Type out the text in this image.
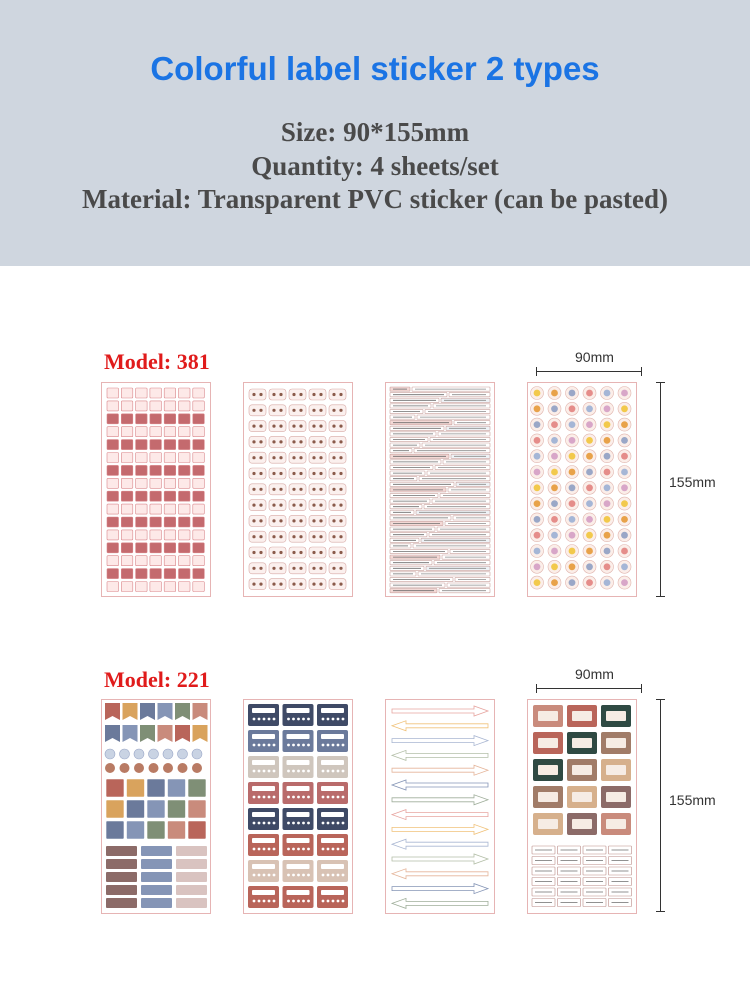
Colorful label sticker 2 types
Size: 90*155mm
Quantity: 4 sheets/set
Material: Transparent PVC sticker (can be pasted)
Model: 381	90mm
155mm
Model: 221	90mm
155mm
